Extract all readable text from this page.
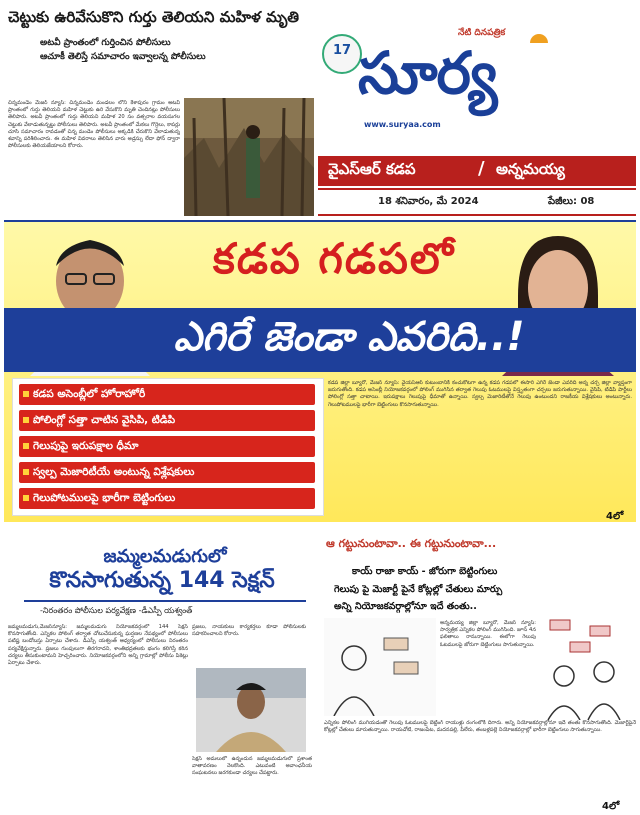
చెట్టుకు ఉరివేసుకొని గుర్తు తెలియని మహిళ మృతి
అటవీ ప్రాంతంలో గుర్తించిన పోలీసులు
ఆచూకీ తెలిస్తే సమాచారం ఇవ్వాలన్న పోలీసులు
చిన్నమండెం మేజర్ న్యూస్: చిన్నమండెం మండలం లోని కేశాపురం గ్రామం అటవీ ప్రాంతంలో గుర్తు తెలియని మహిళ చెట్టుకు ఉరి వేసుకొని మృతి చెందినట్లు పోలీసులు తెలిపారు. అటవీ ప్రాంతంలో గుర్తు తెలియని మహిళ 20 సం వత్సరాల వయసుగల చెట్టుకు వేలాడుతున్నట్టు పోలీసులు తెలిపారు. అటవీ ప్రాంతంలో మేకలు గొర్రెలు, కాపర్లు చూసి సమాచారం రావడంతో చిన్న మండెం పోలీసులు అక్కడికి చేరుకొని వేలాడుతున్న శవాన్ని పరిశీలించారు. ఈ మహిళ వివరాలు తెలిసిన వారు అడ్రస్సు లేదా ఫోన్ ద్వారా పోలీసులకు తెలియజేయాలని కోరారు.
17
నేటి దినపత్రిక
సూర్య
www.suryaa.com
వైఎస్ఆర్ కడప	/ అన్నమయ్య
18 శనివారం, మే 2024	పేజీలు: 08
కడప గడపలో
ఎగిరే జెండా ఎవరిది..!
కడప అసెంబ్లీలో హోరాహోరీ
పోలింగ్లో సత్తా చాటిన వైసిపి, టిడిపి
గెలుపుపై ఇరుపక్షాల ధీమా
స్వల్ప మెజారిటీయే అంటున్న విశ్లేషకులు
గెలుపోటములపై భారీగా బెట్టింగులు
కడప జిల్లా బ్యూరో, మేజర్ న్యూస్: వైయస్ఆర్ కుటుంబానికి కంచుకోటగా ఉన్న కడప గడపలో ఈసారి ఎగిరే జెండా ఎవరిది అన్న చర్చ జిల్లా వ్యాప్తంగా జరుగుతోంది. కడప అసెంబ్లీ నియోజకవర్గంలో పోలింగ్ ముగిసిన తర్వాత గెలుపు ఓటములపై విస్తృతంగా చర్చలు జరుగుతున్నాయి. వైసిపి, టిడిపి పార్టీలు పోలింగ్లో సత్తా చాటాయి. ఇరుపక్షాలు గెలుపుపై ధీమాతో ఉన్నాయి. స్వల్ప మెజారిటీతోనే గెలుపు ఉంటుందని రాజకీయ విశ్లేషకులు అంటున్నారు. గెలుపోటములపై భారీగా బెట్టింగులు కొనసాగుతున్నాయి.
4లో
జమ్మలమడుగులో
కొనసాగుతున్న 144 సెక్షన్
-నిరంతరం పోలీసుల పర్యవేక్షణ -డీఎస్పీ యశ్వంత్
జమ్మలమడుగు,మేజర్‌న్యూస్: జమ్మలమడుగు నియోజకవర్గంలో 144 సెక్షన్ కొనసాగుతోంది. ఎన్నికల పోలింగ్ తర్వాత చోటుచేసుకున్న ఘర్షణల నేపథ్యంలో పోలీసులు పటిష్ట బందోబస్తు ఏర్పాటు చేశారు. డీఎస్పీ యశ్వంత్ ఆధ్వర్యంలో పోలీసులు నిరంతరం పర్యవేక్షిస్తున్నారు. ప్రజలు గుంపులుగా తిరగరాదని, శాంతిభద్రతలకు భంగం కలిగిస్తే కఠిన చర్యలు తీసుకుంటామని హెచ్చరించారు. నియోజకవర్గంలోని అన్ని గ్రామాల్లో పోలీసు పికెట్లు ఏర్పాటు చేశారు.
ప్రజలు, నాయకులు కార్యకర్తలు కూడా పోలీసులకు సహకరించాలని కోరారు.
సెక్షన్ అమలులో ఉన్నందున జమ్మలమడుగులో ప్రశాంత వాతావరణం నెలకొంది. ఎటువంటి అవాంఛనీయ సంఘటనలు జరగకుండా చర్యలు చేపట్టారు.
ఆ గట్టునుంటావా.. ఈ గట్టునుంటావా...
కాయ్ రాజా కాయ్ - జోరుగా బెట్టింగులు
గెలుపు పై మెజార్టీ పైనే కోట్లల్లో చేతులు మార్పు
అన్ని నియోజకవర్గాల్లోనూ ఇదే తంతు..
అన్నమయ్య జిల్లా బ్యూరో, మేజర్ న్యూస్: సార్వత్రిక ఎన్నికల పోలింగ్ ముగిసింది. జూన్ 4న ఫలితాలు రానున్నాయి. ఈలోగా గెలుపు ఓటములపై జోరుగా బెట్టింగులు సాగుతున్నాయి.
ఎన్నికల పోలింగ్ ముగియడంతో గెలుపు ఓటములపై బెట్టింగ్ రాయుళ్లు రంగంలోకి దిగారు. అన్ని నియోజకవర్గాల్లోనూ ఇదే తంతు కొనసాగుతోంది. మెజార్టీపైనే కోట్లల్లో చేతులు మారుతున్నాయి. రాయచోటి, రాజంపేట, మదనపల్లి, పీలేరు, తంబళ్లపల్లె నియోజకవర్గాల్లో భారీగా బెట్టింగులు సాగుతున్నాయి.
4లో
